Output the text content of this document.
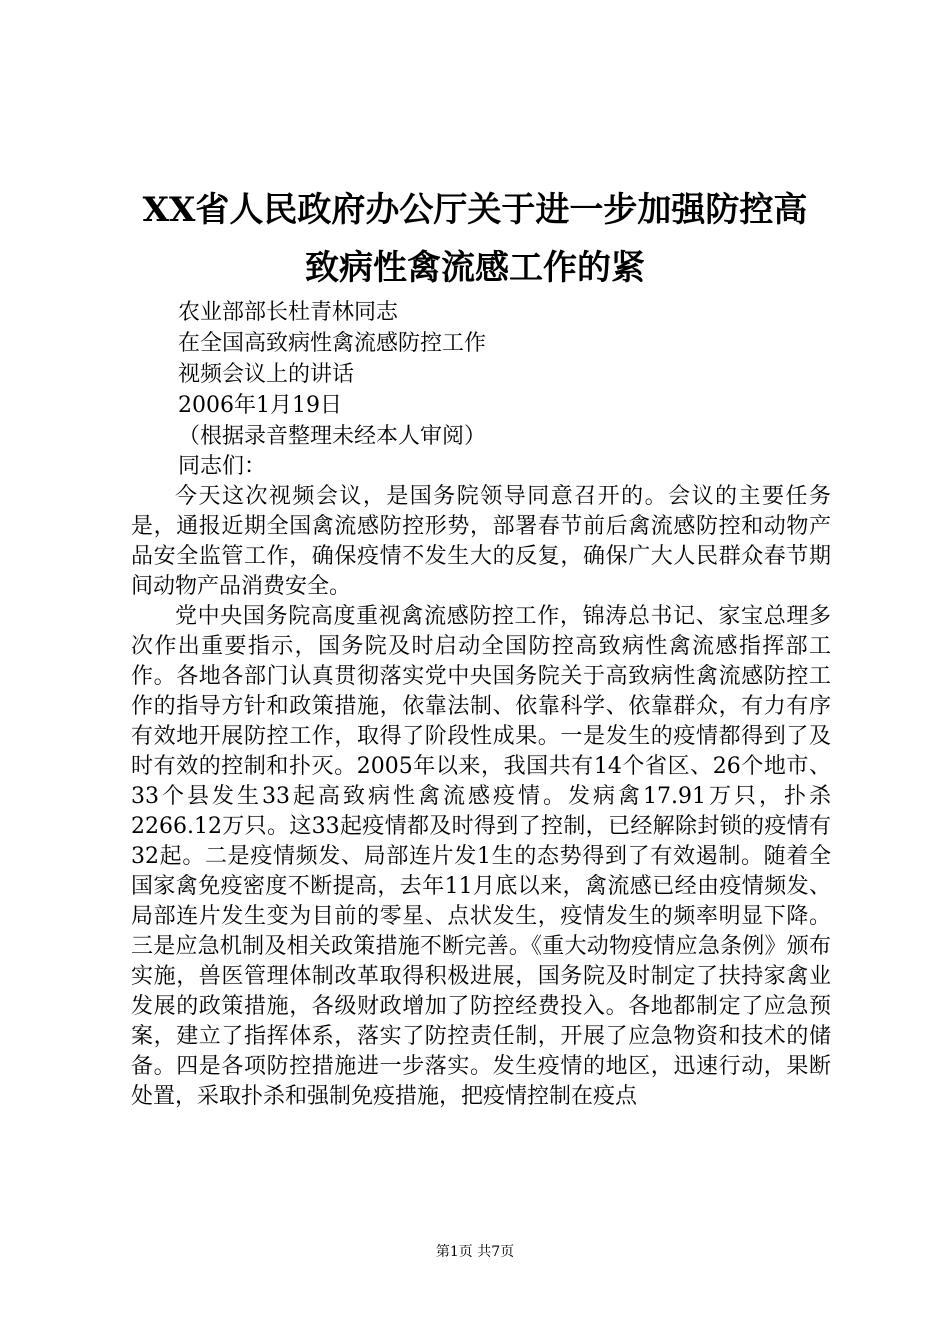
XX省人民政府办公厅关于进一步加强防控高
致病性禽流感工作的紧
农业部部长杜青林同志
在全国高致病性禽流感防控工作
视频会议上的讲话
2006年1月19日
（根据录音整理未经本人审阅）
同志们：

今天这次视频会议，是国务院领导同意召开的。会议的主要任务是，通报近期全国禽流感防控形势，部署春节前后禽流感防控和动物产品安全监管工作，确保疫情不发生大的反复，确保广大人民群众春节期间动物产品消费安全。

党中央国务院高度重视禽流感防控工作，锦涛总书记、家宝总理多次作出重要指示，国务院及时启动全国防控高致病性禽流感指挥部工作。各地各部门认真贯彻落实党中央国务院关于高致病性禽流感防控工作的指导方针和政策措施，依靠法制、依靠科学、依靠群众，有力有序有效地开展防控工作，取得了阶段性成果。一是发生的疫情都得到了及时有效的控制和扑灭。2005年以来，我国共有14个省区、26个地市、33个县发生33起高致病性禽流感疫情。发病禽17.91万只，扑杀2266.12万只。这33起疫情都及时得到了控制，已经解除封锁的疫情有32起。二是疫情频发、局部连片发1生的态势得到了有效遏制。随着全国家禽免疫密度不断提高，去年11月底以来，禽流感已经由疫情频发、局部连片发生变为目前的零星、点状发生，疫情发生的频率明显下降。三是应急机制及相关政策措施不断完善。《重大动物疫情应急条例》颁布实施，兽医管理体制改革取得积极进展，国务院及时制定了扶持家禽业发展的政策措施，各级财政增加了防控经费投入。各地都制定了应急预案，建立了指挥体系，落实了防控责任制，开展了应急物资和技术的储备。四是各项防控措施进一步落实。发生疫情的地区，迅速行动，果断处置，采取扑杀和强制免疫措施，把疫情控制在疫点

第1页 共7页
